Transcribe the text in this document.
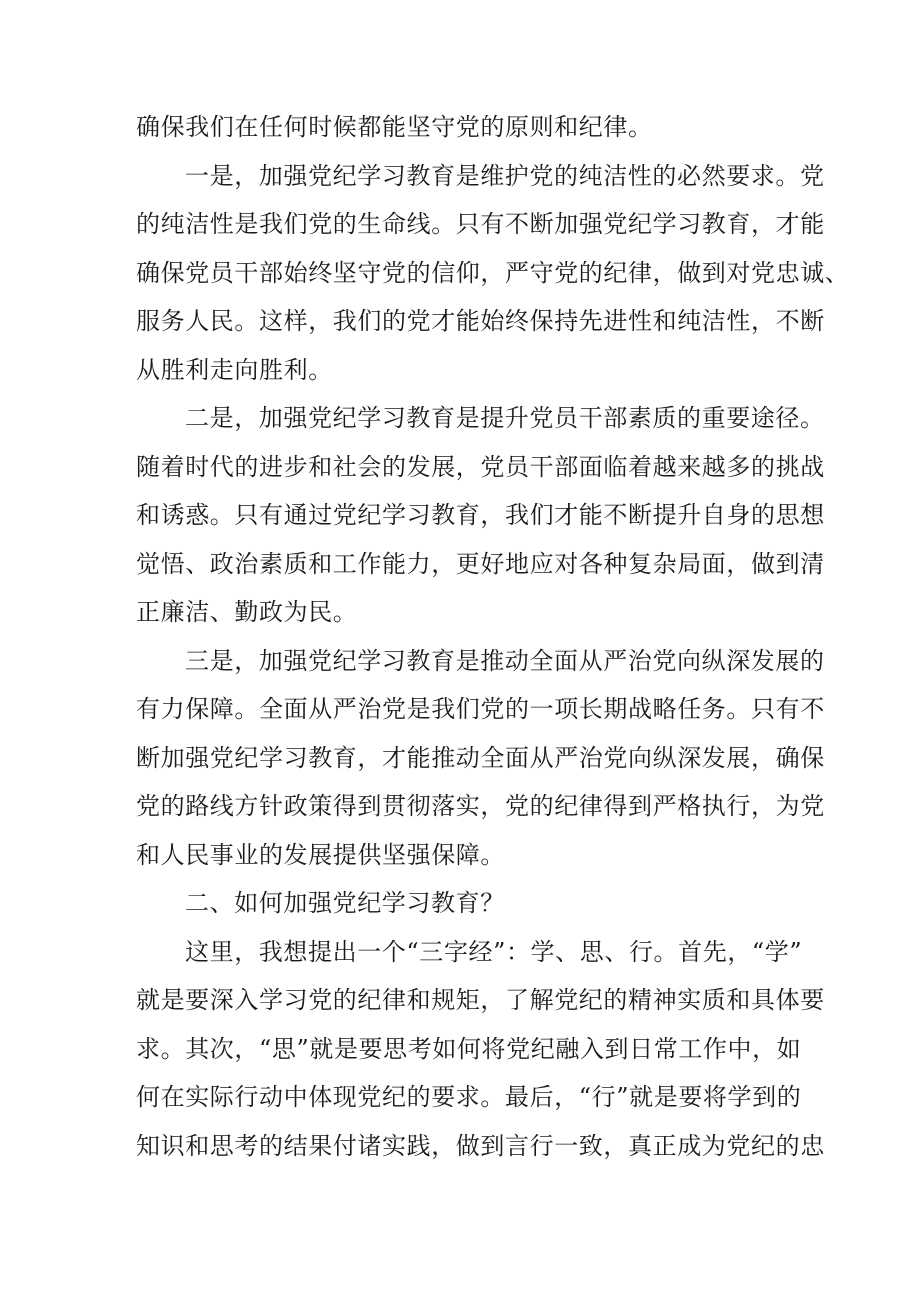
确保我们在任何时候都能坚守党的原则和纪律。
一是，加强党纪学习教育是维护党的纯洁性的必然要求。党
的纯洁性是我们党的生命线。只有不断加强党纪学习教育，才能
确保党员干部始终坚守党的信仰，严守党的纪律，做到对党忠诚、
服务人民。这样，我们的党才能始终保持先进性和纯洁性，不断
从胜利走向胜利。
二是，加强党纪学习教育是提升党员干部素质的重要途径。
随着时代的进步和社会的发展，党员干部面临着越来越多的挑战
和诱惑。只有通过党纪学习教育，我们才能不断提升自身的思想
觉悟、政治素质和工作能力，更好地应对各种复杂局面，做到清
正廉洁、勤政为民。
三是，加强党纪学习教育是推动全面从严治党向纵深发展的
有力保障。全面从严治党是我们党的一项长期战略任务。只有不
断加强党纪学习教育，才能推动全面从严治党向纵深发展，确保
党的路线方针政策得到贯彻落实，党的纪律得到严格执行，为党
和人民事业的发展提供坚强保障。
二、如何加强党纪学习教育？
这里，我想提出一个“三字经”：学、思、行。首先，“学”
就是要深入学习党的纪律和规矩，了解党纪的精神实质和具体要
求。其次，“思”就是要思考如何将党纪融入到日常工作中，如
何在实际行动中体现党纪的要求。最后，“行”就是要将学到的
知识和思考的结果付诸实践，做到言行一致，真正成为党纪的忠
